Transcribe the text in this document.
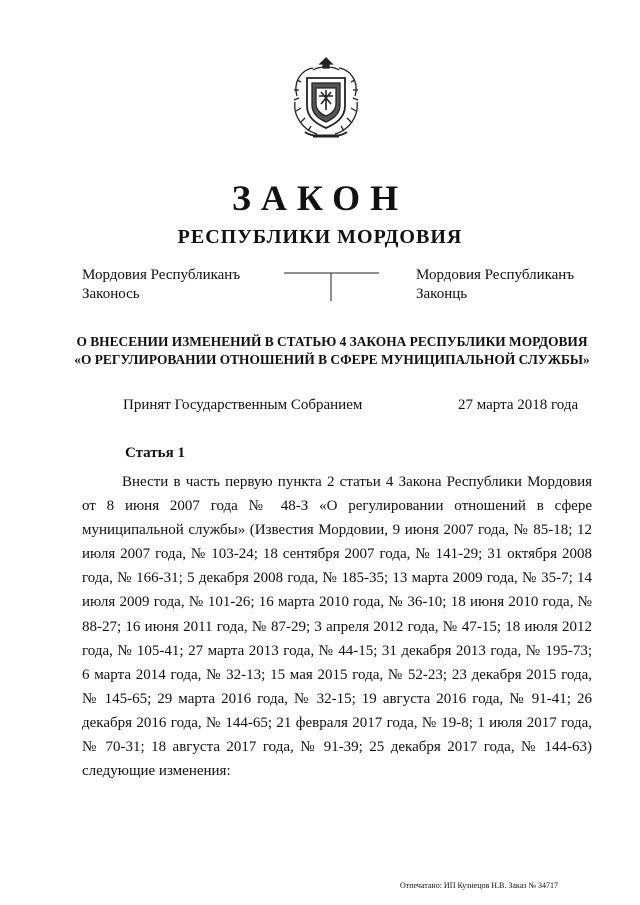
ЗАКОН
РЕСПУБЛИКИ МОРДОВИЯ
Мордовия Республиканъ
Законось
Мордовия Республиканъ
Законць
О ВНЕСЕНИИ ИЗМЕНЕНИЙ В СТАТЬЮ 4 ЗАКОНА РЕСПУБЛИКИ МОРДОВИЯ
«О РЕГУЛИРОВАНИИ ОТНОШЕНИЙ В СФЕРЕ МУНИЦИПАЛЬНОЙ СЛУЖБЫ»
Принят Государственным Собранием	27 марта 2018 года
Статья 1
Внести в часть первую пункта 2 статьи 4 Закона Республики Мордовия
от 8 июня 2007 года № 48-З «О регулировании отношений в сфере
муниципальной службы» (Известия Мордовии, 9 июня 2007 года, № 85-18; 12
июля 2007 года, № 103-24; 18 сентября 2007 года, № 141-29; 31 октября 2008
года, № 166-31; 5 декабря 2008 года, № 185-35; 13 марта 2009 года, № 35-7; 14
июля 2009 года, № 101-26; 16 марта 2010 года, № 36-10; 18 июня 2010 года, №
88-27; 16 июня 2011 года, № 87-29; 3 апреля 2012 года, № 47-15; 18 июля 2012
года, № 105-41; 27 марта 2013 года, № 44-15; 31 декабря 2013 года, № 195-73;
6 марта 2014 года, № 32-13; 15 мая 2015 года, № 52-23; 23 декабря 2015 года,
№ 145-65; 29 марта 2016 года, № 32-15; 19 августа 2016 года, № 91-41; 26
декабря 2016 года, № 144-65; 21 февраля 2017 года, № 19-8; 1 июля 2017 года,
№ 70-31; 18 августа 2017 года, № 91-39; 25 декабря 2017 года, № 144-63)
следующие изменения:
Отпечатано: ИП Кузнецов Н.В. Заказ № 34717
